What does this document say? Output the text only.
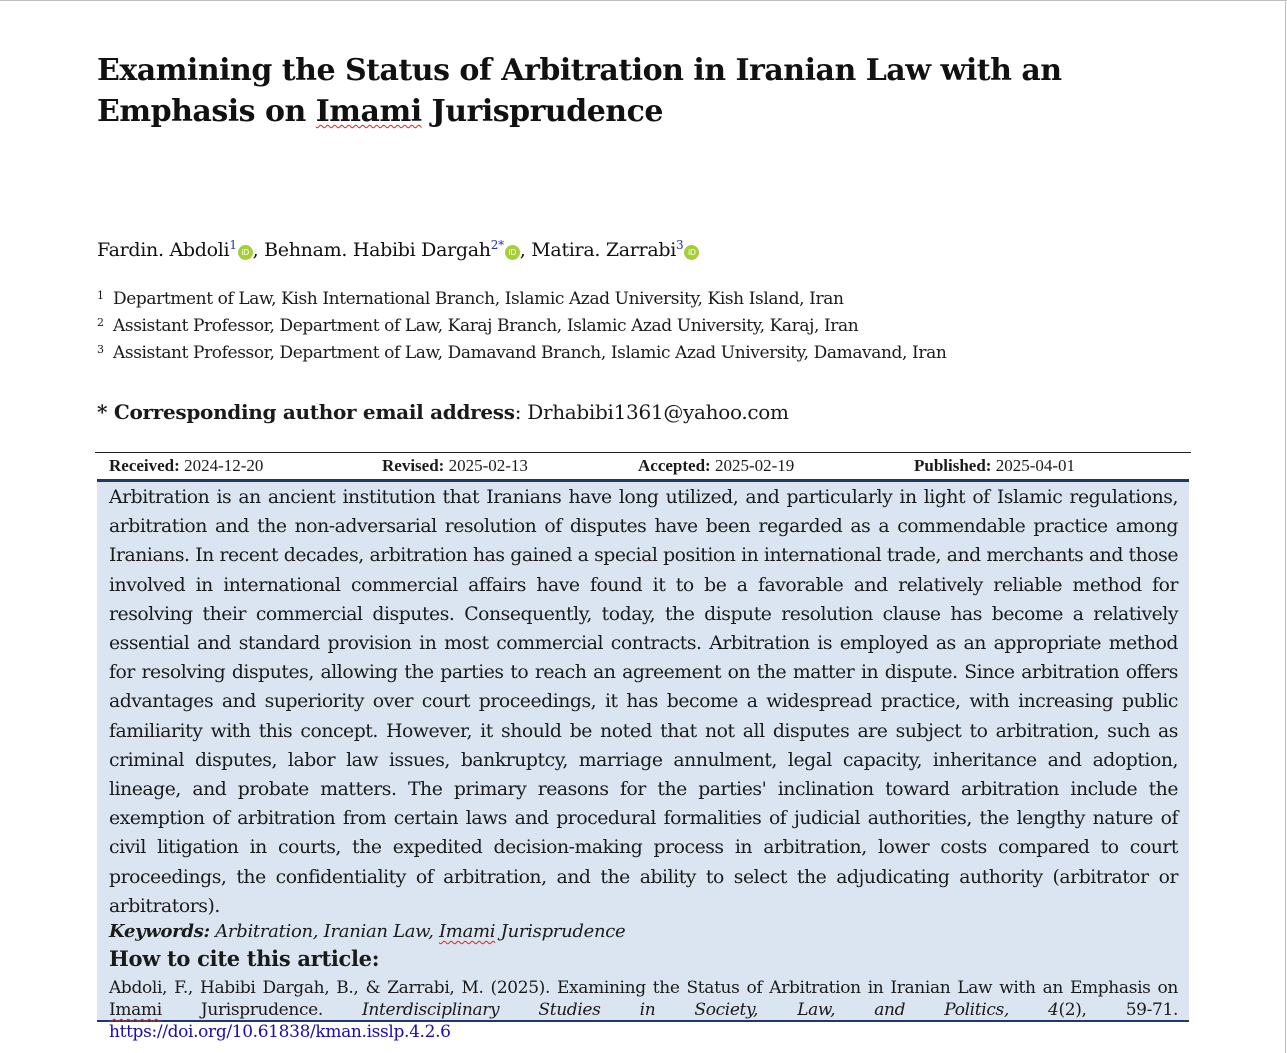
Examining the Status of Arbitration in Iranian Law with an Emphasis on Imami Jurisprudence
Fardin. Abdoli$^1$iD , Behnam. Habibi Dargah$^{2*}$iD , Matira. Zarrabi$^3$iD
1 Department of Law, Kish International Branch, Islamic Azad University, Kish Island, Iran
2 Assistant Professor, Department of Law, Karaj Branch, Islamic Azad University, Karaj, Iran
3 Assistant Professor, Department of Law, Damavand Branch, Islamic Azad University, Damavand, Iran
* Corresponding author email address: Drhabibi1361@yahoo.com
Received: 2024-12-20	Revised: 2025-02-13	Accepted: 2025-02-19	Published: 2025-04-01
Arbitration is an ancient institution that Iranians have long utilized, and particularly in light of Islamic regulations, arbitration and the non-adversarial resolution of disputes have been regarded as a commendable practice among Iranians. In recent decades, arbitration has gained a special position in international trade, and merchants and those involved in international commercial affairs have found it to be a favorable and relatively reliable method for resolving their commercial disputes. Consequently, today, the dispute resolution clause has become a relatively essential and standard provision in most commercial contracts. Arbitration is employed as an appropriate method for resolving disputes, allowing the parties to reach an agreement on the matter in dispute. Since arbitration offers advantages and superiority over court proceedings, it has become a widespread practice, with increasing public familiarity with this concept. However, it should be noted that not all disputes are subject to arbitration, such as criminal disputes, labor law issues, bankruptcy, marriage annulment, legal capacity, inheritance and adoption, lineage, and probate matters. The primary reasons for the parties' inclination toward arbitration include the exemption of arbitration from certain laws and procedural formalities of judicial authorities, the lengthy nature of civil litigation in courts, the expedited decision-making process in arbitration, lower costs compared to court proceedings, the confidentiality of arbitration, and the ability to select the adjudicating authority (arbitrator or arbitrators).
Keywords: Arbitration, Iranian Law, Imami Jurisprudence
How to cite this article:
Abdoli, F., Habibi Dargah, B., & Zarrabi, M. (2025). Examining the Status of Arbitration in Iranian Law with an Emphasis on Imami Jurisprudence. Interdisciplinary Studies in Society, Law, and Politics, 4(2), 59-71. https://doi.org/10.61838/kman.isslp.4.2.6
